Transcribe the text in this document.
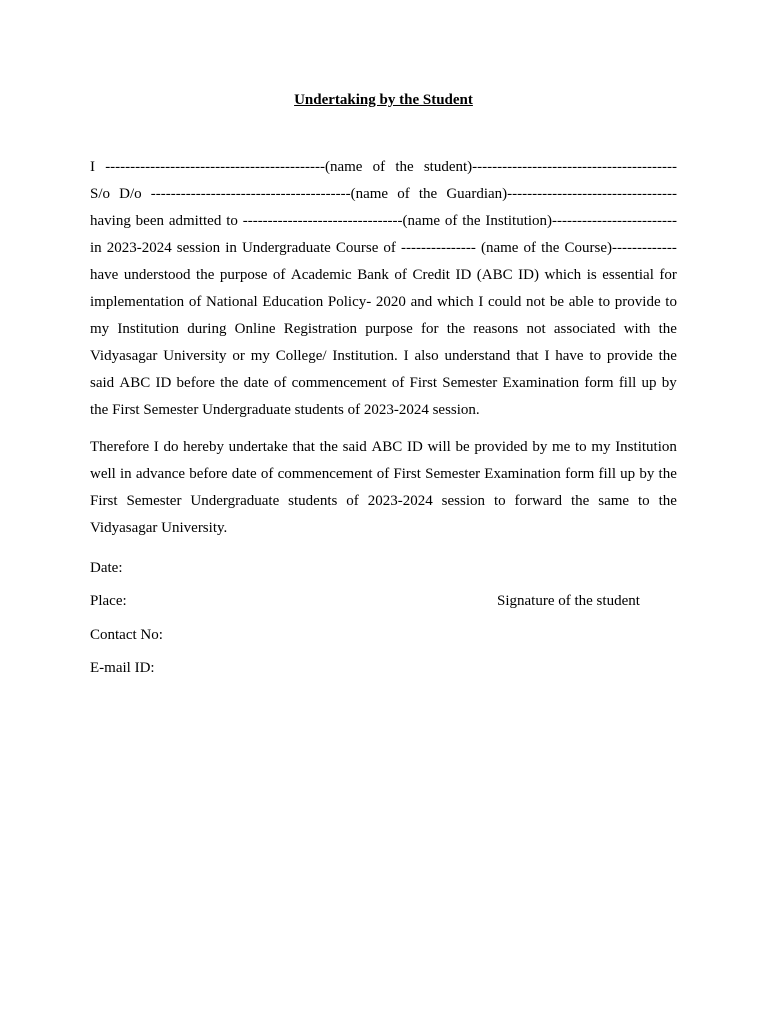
Undertaking by the Student
I --------------------------------------------(name of the student)-----------------------------------------
S/o D/o ----------------------------------------(name of the Guardian)----------------------------------
having been admitted to --------------------------------(name of the Institution)-------------------------
in 2023-2024 session in Undergraduate Course of --------------- (name of the Course)-------------
have understood the purpose of Academic Bank of Credit ID (ABC ID) which is essential for
implementation of National Education Policy- 2020 and which I could not be able to provide to
my Institution during Online Registration purpose for the reasons not associated with the
Vidyasagar University or my College/ Institution. I also understand that I have to provide the
said ABC ID before the date of commencement of First Semester Examination form fill up by
the First Semester Undergraduate students of 2023-2024 session.
Therefore I do hereby undertake that the said ABC ID will be provided by me to my Institution
well in advance before date of commencement of First Semester Examination form fill up by the
First Semester Undergraduate students of 2023-2024 session to forward the same to the
Vidyasagar University.
Date:
Place:
Contact No:
E-mail ID:
Signature of the student
